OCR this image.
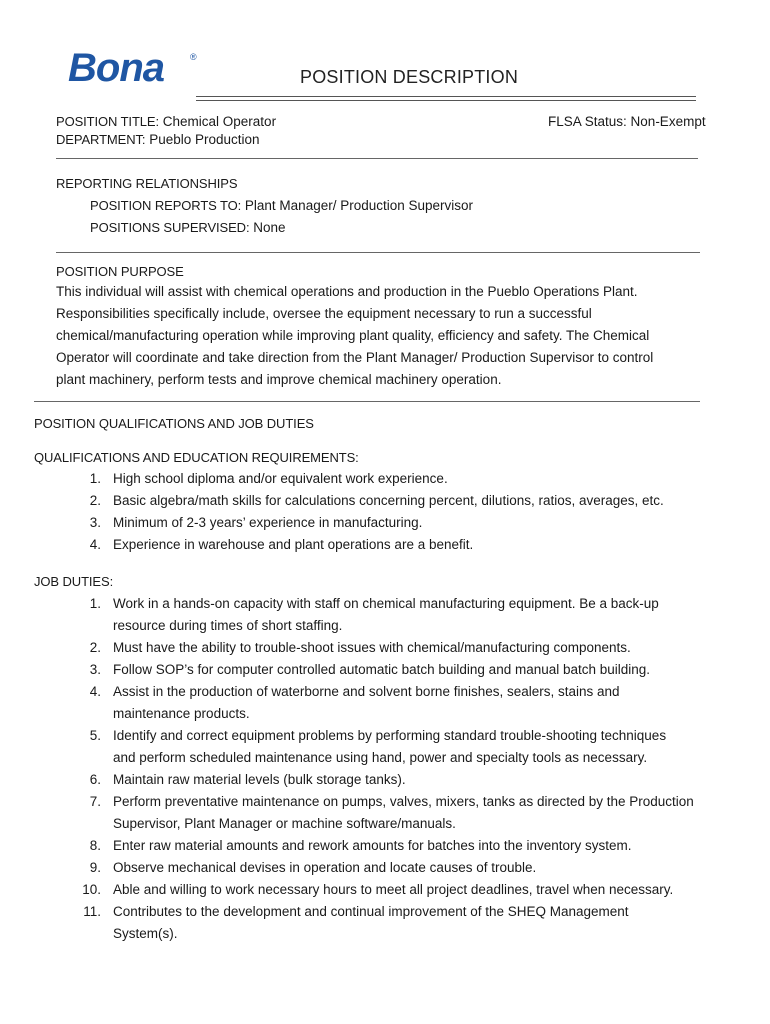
Bona	®
POSITION DESCRIPTION
POSITION TITLE: Chemical Operator
DEPARTMENT: Pueblo Production
FLSA Status: Non-Exempt
REPORTING RELATIONSHIPS
POSITION REPORTS TO: Plant Manager/ Production Supervisor
POSITIONS SUPERVISED: None
POSITION PURPOSE
This individual will assist with chemical operations and production in the Pueblo Operations Plant.
Responsibilities specifically include, oversee the equipment necessary to run a successful
chemical/manufacturing operation while improving plant quality, efficiency and safety. The Chemical
Operator will coordinate and take direction from the Plant Manager/ Production Supervisor to control
plant machinery, perform tests and improve chemical machinery operation.
POSITION QUALIFICATIONS AND JOB DUTIES
QUALIFICATIONS AND EDUCATION REQUIREMENTS:
1. High school diploma and/or equivalent work experience.
2. Basic algebra/math skills for calculations concerning percent, dilutions, ratios, averages, etc.
3. Minimum of 2-3 years’ experience in manufacturing.
4. Experience in warehouse and plant operations are a benefit.
JOB DUTIES:
1. Work in a hands-on capacity with staff on chemical manufacturing equipment. Be a back-up
resource during times of short staffing.
2. Must have the ability to trouble-shoot issues with chemical/manufacturing components.
3. Follow SOP’s for computer controlled automatic batch building and manual batch building.
4. Assist in the production of waterborne and solvent borne finishes, sealers, stains and
maintenance products.
5. Identify and correct equipment problems by performing standard trouble-shooting techniques
and perform scheduled maintenance using hand, power and specialty tools as necessary.
6. Maintain raw material levels (bulk storage tanks).
7. Perform preventative maintenance on pumps, valves, mixers, tanks as directed by the Production
Supervisor, Plant Manager or machine software/manuals.
8. Enter raw material amounts and rework amounts for batches into the inventory system.
9. Observe mechanical devises in operation and locate causes of trouble.
10. Able and willing to work necessary hours to meet all project deadlines, travel when necessary.
11. Contributes to the development and continual improvement of the SHEQ Management
System(s).
